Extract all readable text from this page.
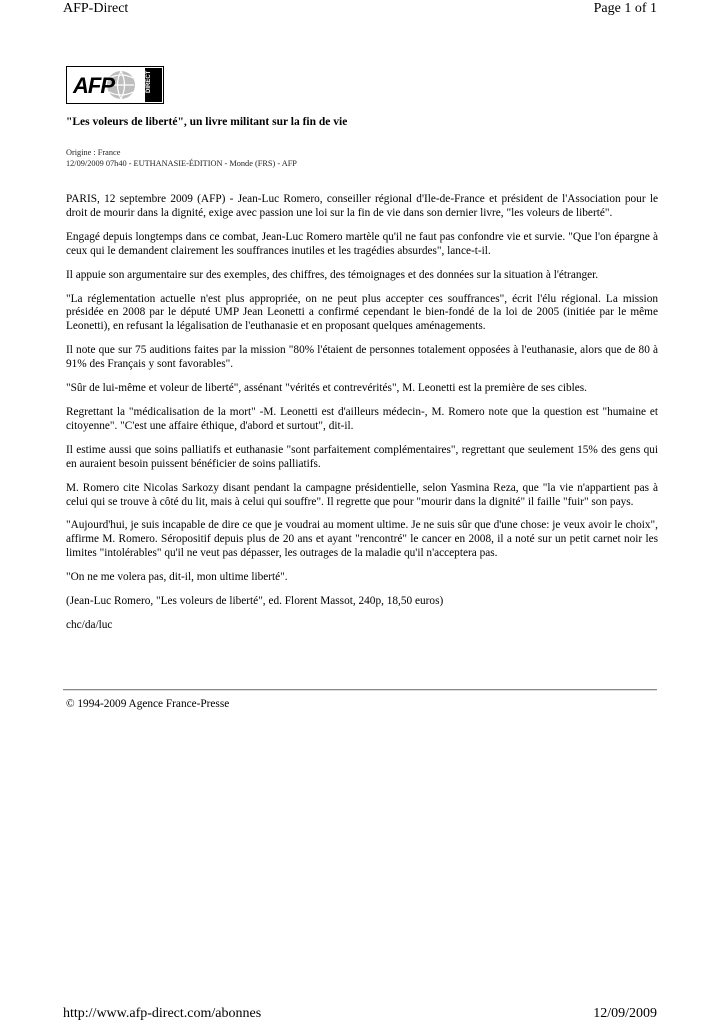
AFP-Direct	Page 1 of 1
AFP	DIRECT
"Les voleurs de liberté", un livre militant sur la fin de vie
Origine : France
12/09/2009 07h40 - EUTHANASIE-ÉDITION - Monde (FRS) - AFP

PARIS, 12 septembre 2009 (AFP) - Jean-Luc Romero, conseiller régional d'Ile-de-France et président de l'Association pour le droit de mourir dans la dignité, exige avec passion une loi sur la fin de vie dans son dernier livre, "les voleurs de liberté".

Engagé depuis longtemps dans ce combat, Jean-Luc Romero martèle qu'il ne faut pas confondre vie et survie. "Que l'on épargne à ceux qui le demandent clairement les souffrances inutiles et les tragédies absurdes", lance-t-il.

Il appuie son argumentaire sur des exemples, des chiffres, des témoignages et des données sur la situation à l'étranger.

"La réglementation actuelle n'est plus appropriée, on ne peut plus accepter ces souffrances", écrit l'élu régional. La mission présidée en 2008 par le député UMP Jean Leonetti a confirmé cependant le bien-fondé de la loi de 2005 (initiée par le même Leonetti), en refusant la légalisation de l'euthanasie et en proposant quelques aménagements.

Il note que sur 75 auditions faites par la mission "80% l'étaient de personnes totalement opposées à l'euthanasie, alors que de 80 à 91% des Français y sont favorables".

"Sûr de lui-même et voleur de liberté", assénant "vérités et contrevérités", M. Leonetti est la première de ses cibles.

Regrettant la "médicalisation de la mort" -M. Leonetti est d'ailleurs médecin-, M. Romero note que la question est "humaine et citoyenne". "C'est une affaire éthique, d'abord et surtout", dit-il.

Il estime aussi que soins palliatifs et euthanasie "sont parfaitement complémentaires", regrettant que seulement 15% des gens qui en auraient besoin puissent bénéficier de soins palliatifs.

M. Romero cite Nicolas Sarkozy disant pendant la campagne présidentielle, selon Yasmina Reza, que "la vie n'appartient pas à celui qui se trouve à côté du lit, mais à celui qui souffre". Il regrette que pour "mourir dans la dignité" il faille "fuir" son pays.

"Aujourd'hui, je suis incapable de dire ce que je voudrai au moment ultime. Je ne suis sûr que d'une chose: je veux avoir le choix", affirme M. Romero. Séropositif depuis plus de 20 ans et ayant "rencontré" le cancer en 2008, il a noté sur un petit carnet noir les limites "intolérables" qu'il ne veut pas dépasser, les outrages de la maladie qu'il n'acceptera pas.

"On ne me volera pas, dit-il, mon ultime liberté".

(Jean-Luc Romero, "Les voleurs de liberté", ed. Florent Massot, 240p, 18,50 euros)

chc/da/luc

© 1994-2009 Agence France-Presse
http://www.afp-direct.com/abonnes	12/09/2009
